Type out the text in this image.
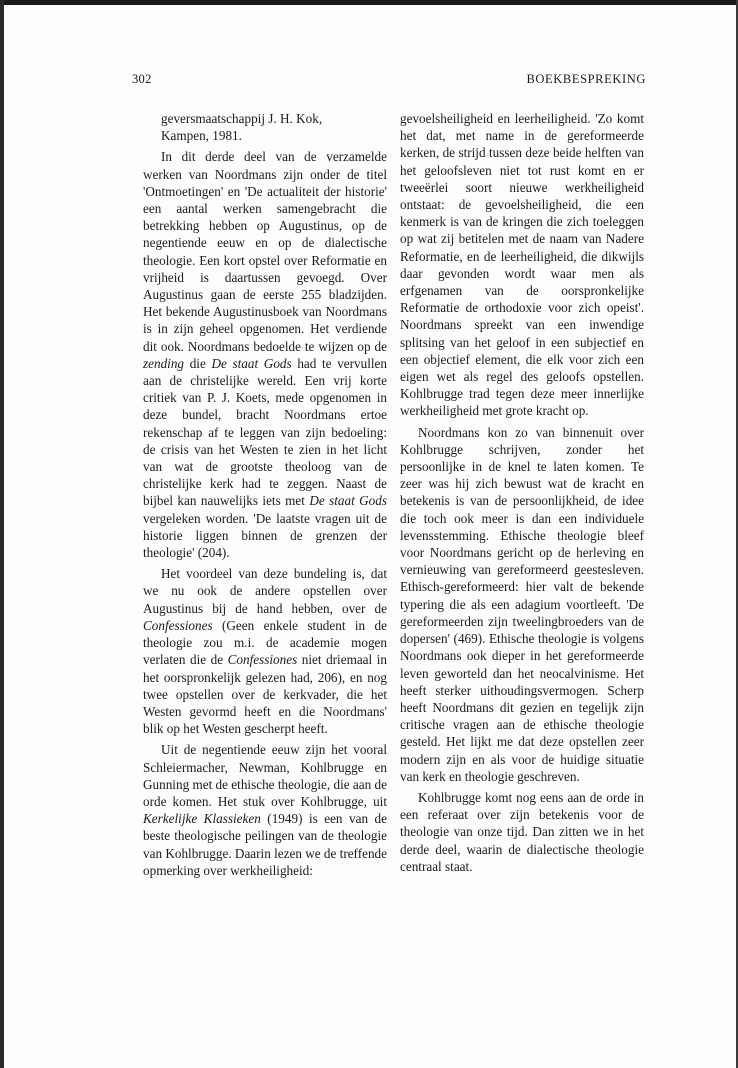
302	BOEKBESPREKING

geversmaatschappij J. H. Kok,
Kampen, 1981.

In dit derde deel van de verzamelde werken van Noordmans zijn onder de titel 'Ontmoetingen' en 'De actualiteit der historie' een aantal werken samengebracht die betrekking hebben op Augustinus, op de negentiende eeuw en op de dialectische theologie. Een kort opstel over Reformatie en vrijheid is daartussen gevoegd. Over Augustinus gaan de eerste 255 bladzijden. Het bekende Augustinusboek van Noordmans is in zijn geheel opgenomen. Het verdiende dit ook. Noordmans bedoelde te wijzen op de zending die De staat Gods had te vervullen aan de christelijke wereld. Een vrij korte critiek van P. J. Koets, mede opgenomen in deze bundel, bracht Noordmans ertoe rekenschap af te leggen van zijn bedoeling: de crisis van het Westen te zien in het licht van wat de grootste theoloog van de christelijke kerk had te zeggen. Naast de bijbel kan nauwelijks iets met De staat Gods vergeleken worden. 'De laatste vragen uit de historie liggen binnen de grenzen der theologie' (204).

Het voordeel van deze bundeling is, dat we nu ook de andere opstellen over Augustinus bij de hand hebben, over de Confessiones (Geen enkele student in de theologie zou m.i. de academie mogen verlaten die de Confessiones niet driemaal in het oorspronkelijk gelezen had, 206), en nog twee opstellen over de kerkvader, die het Westen gevormd heeft en die Noordmans' blik op het Westen gescherpt heeft.

Uit de negentiende eeuw zijn het vooral Schleiermacher, Newman, Kohlbrugge en Gunning met de ethische theologie, die aan de orde komen. Het stuk over Kohlbrugge, uit Kerkelijke Klassieken (1949) is een van de beste theologische peilingen van de theologie van Kohlbrugge. Daarin lezen we de treffende opmerking over werkheiligheid:

gevoelsheiligheid en leerheiligheid. 'Zo komt het dat, met name in de gereformeerde kerken, de strijd tussen deze beide helften van het geloofsleven niet tot rust komt en er tweeërlei soort nieuwe werkheiligheid ontstaat: de gevoelsheiligheid, die een kenmerk is van de kringen die zich toeleggen op wat zij betitelen met de naam van Nadere Reformatie, en de leerheiligheid, die dikwijls daar gevonden wordt waar men als erfgenamen van de oorspronkelijke Reformatie de orthodoxie voor zich opeist'. Noordmans spreekt van een inwendige splitsing van het geloof in een subjectief en een objectief element, die elk voor zich een eigen wet als regel des geloofs opstellen. Kohlbrugge trad tegen deze meer innerlijke werkheiligheid met grote kracht op.

Noordmans kon zo van binnenuit over Kohlbrugge schrijven, zonder het persoonlijke in de knel te laten komen. Te zeer was hij zich bewust wat de kracht en betekenis is van de persoonlijkheid, de idee die toch ook meer is dan een individuele levensstemming. Ethische theologie bleef voor Noordmans gericht op de herleving en vernieuwing van gereformeerd geestesleven. Ethisch-gereformeerd: hier valt de bekende typering die als een adagium voortleeft. 'De gereformeerden zijn tweelingbroeders van de dopersen' (469). Ethische theologie is volgens Noordmans ook dieper in het gereformeerde leven geworteld dan het neocalvinisme. Het heeft sterker uithoudingsvermogen. Scherp heeft Noordmans dit gezien en tegelijk zijn critische vragen aan de ethische theologie gesteld. Het lijkt me dat deze opstellen zeer modern zijn en als voor de huidige situatie van kerk en theologie geschreven.

Kohlbrugge komt nog eens aan de orde in een referaat over zijn betekenis voor de theologie van onze tijd. Dan zitten we in het derde deel, waarin de dialectische theologie centraal staat.
